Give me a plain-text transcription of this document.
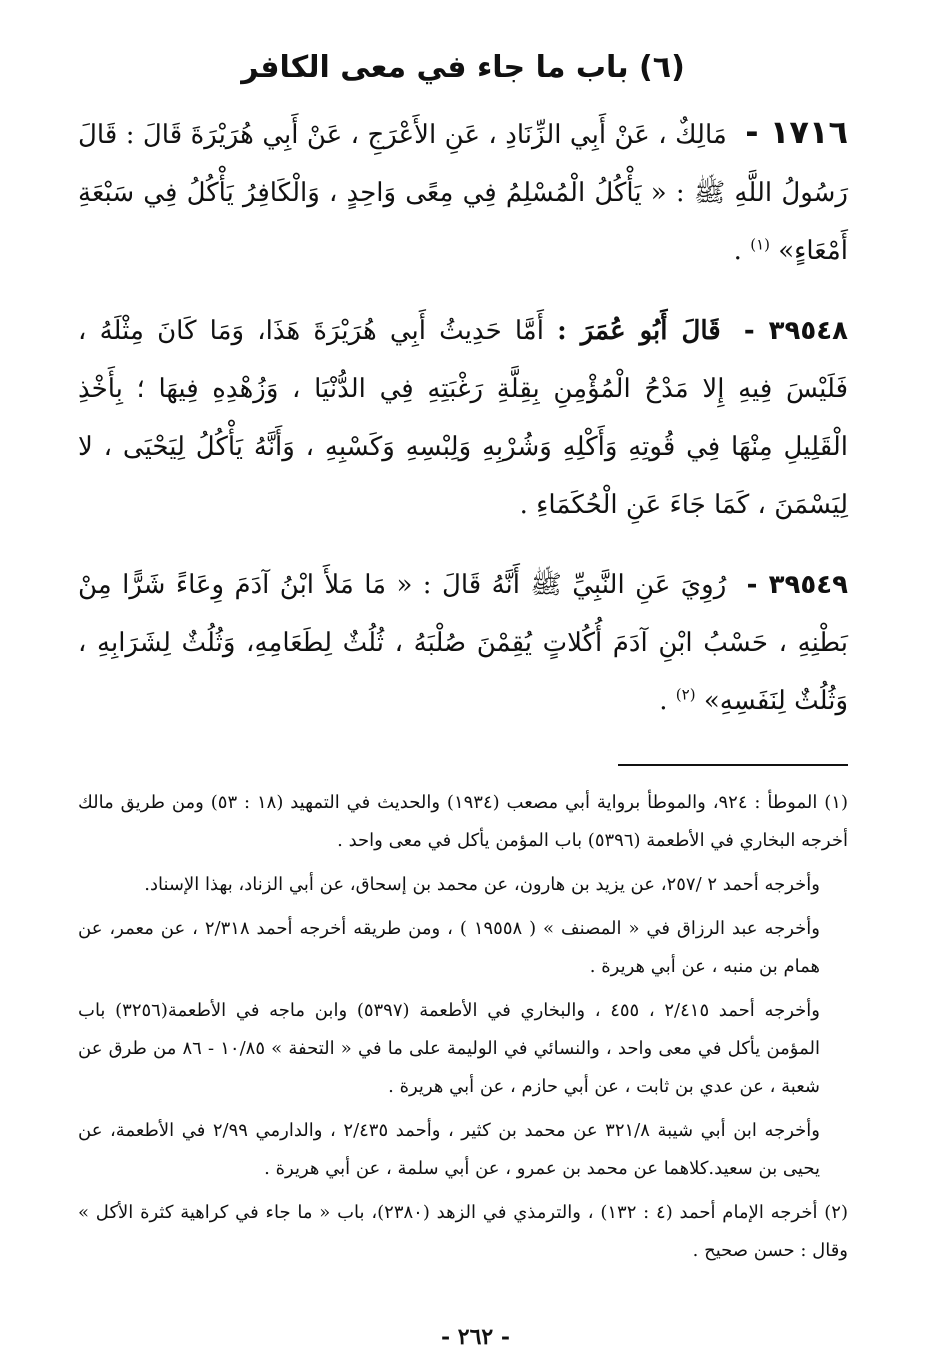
(٦) باب ما جاء في معى الكافر

١٧١٦ - مَالِكٌ ، عَنْ أَبِي الزِّنَادِ ، عَنِ الأَعْرَجِ ، عَنْ أَبِي هُرَيْرَةَ قَالَ : قَالَ رَسُولُ اللَّهِ ﷺ : « يَأْكُلُ الْمُسْلِمُ فِي مِعًى وَاحِدٍ ، وَالْكَافِرُ يَأْكُلُ فِي سَبْعَةِ أَمْعَاءٍ» $^{(١)}$ .

٣٩٥٤٨ - قَالَ أَبُو عُمَرَ : أَمَّا حَدِيثُ أَبِي هُرَيْرَةَ هَذَا، وَمَا كَانَ مِثْلَهُ ، فَلَيْسَ فِيهِ إِلا مَدْحُ الْمُؤْمِنِ بِقِلَّةِ رَغْبَتِهِ فِي الدُّنْيَا ، وَزُهْدِهِ فِيهَا ؛ بِأَخْذِ الْقَلِيلِ مِنْهَا فِي قُوتِهِ وَأَكْلِهِ وَشُرْبِهِ وَلِبْسِهِ وَكَسْبِهِ ، وَأَنَّهُ يَأْكُلُ لِيَحْيَى ، لا لِيَسْمَنَ ، كَمَا جَاءَ عَنِ الْحُكَمَاءِ .

٣٩٥٤٩ - رُوِيَ عَنِ النَّبِيِّ ﷺ أَنَّهُ قَالَ : « مَا مَلأَ ابْنُ آدَمَ وِعَاءً شَرًّا مِنْ بَطْنِهِ ، حَسْبُ ابْنِ آدَمَ أُكُلاتٍ يُقِمْنَ صُلْبَهُ ، ثُلُثٌ لِطَعَامِهِ، وَثُلُثٌ لِشَرَابِهِ ، وَثُلُثٌ لِنَفَسِهِ» $^{(٢)}$ .

(١) الموطأ : ٩٢٤، والموطأ برواية أبي مصعب (١٩٣٤) والحديث في التمهيد (١٨ : ٥٣) ومن طريق مالك أخرجه البخاري في الأطعمة (٥٣٩٦) باب المؤمن يأكل في معى واحد .

وأخرجه أحمد ٢ /٢٥٧، عن يزيد بن هارون، عن محمد بن إسحاق، عن أبي الزناد، بهذا الإسناد.

وأخرجه عبد الرزاق في « المصنف » ( ١٩٥٥٨ ) ، ومن طريقه أخرجه أحمد ٢/٣١٨ ، عن معمر، عن همام بن منبه ، عن أبي هريرة .

وأخرجه أحمد ٢/٤١٥ ، ٤٥٥ ، والبخاري في الأطعمة (٥٣٩٧) وابن ماجه في الأطعمة(٣٢٥٦) باب المؤمن يأكل في معى واحد ، والنسائي في الوليمة على ما في « التحفة » ١٠/٨٥ - ٨٦ من طرق عن شعبة ، عن عدي بن ثابت ، عن أبي حازم ، عن أبي هريرة .

وأخرجه ابن أبي شيبة ٣٢١/٨ عن محمد بن كثير ، وأحمد ٢/٤٣٥ ، والدارمي ٢/٩٩ في الأطعمة، عن يحيى بن سعيد.كلاهما عن محمد بن عمرو ، عن أبي سلمة ، عن أبي هريرة .

(٢) أخرجه الإمام أحمد (٤ : ١٣٢) ، والترمذي في الزهد (٢٣٨٠)، باب « ما جاء في كراهية كثرة الأكل » وقال : حسن صحيح .

- ٢٦٢ -
